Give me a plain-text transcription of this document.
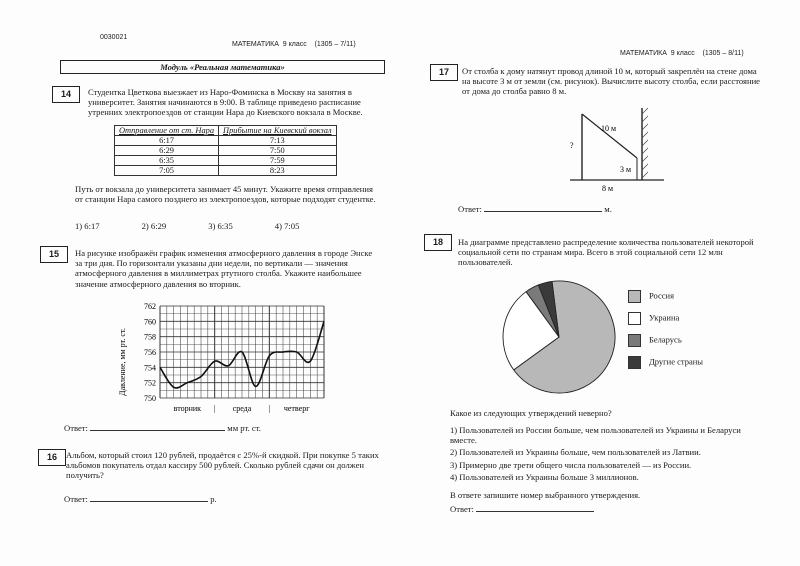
0030021
МАТЕМАТИКА 9 класс (1305 – 7/11)
Модуль «Реальная математика»
14	Студентка Цветкова выезжает из Наро-Фоминска в Москву на занятия в университет. Занятия начинаются в 9:00. В таблице приведено расписание утренних электропоездов от станции Нара до Киевского вокзала в Москве.
Отправление от ст. Нара	Прибытие на Киевский вокзал
6:17	7:13
6:29	7:50
6:35	7:59
7:05	8:23
Путь от вокзала до университета занимает 45 минут. Укажите время отправления от станции Нара самого позднего из электропоездов, которые подходят студентке.
1) 6:17	2) 6:29	3) 6:35	4) 7:05
15	На рисунке изображён график изменения атмосферного давления в городе Энске за три дня. По горизонтали указаны дни недели, по вертикали — значения атмосферного давления в миллиметрах ртутного столба. Укажите наибольшее значение атмосферного давления во вторник.
750
752
754
756
758
760
762
вторник	среда
|	четверг
|
Давление, мм рт. ст.
Ответ:	мм рт. ст.
16	Альбом, который стоил 120 рублей, продаётся с 25%-й скидкой. При покупке 5 таких альбомов покупатель отдал кассиру 500 рублей. Сколько рублей сдачи он должен получить?
Ответ:	р.
МАТЕМАТИКА 9 класс (1305 – 8/11)
17	От столба к дому натянут провод длиной 10 м, который закреплён на стене дома на высоте 3 м от земли (см. рисунок). Вычислите высоту столба, если расстояние от дома до столба равно 8 м.
10 м
3 м
?
8 м
Ответ:	м.
18	На диаграмме представлено распределение количества пользователей некоторой социальной сети по странам мира. Всего в этой социальной сети 12 млн пользователей.
Россия
Украина
Беларусь
Другие страны
Какое из следующих утверждений неверно?
1) Пользователей из России больше, чем пользователей из Украины и Беларуси вместе.
2) Пользователей из Украины больше, чем пользователей из Латвии.
3) Примерно две трети общего числа пользователей — из России.
4) Пользователей из Украины больше 3 миллионов.
В ответе запишите номер выбранного утверждения.
Ответ:
